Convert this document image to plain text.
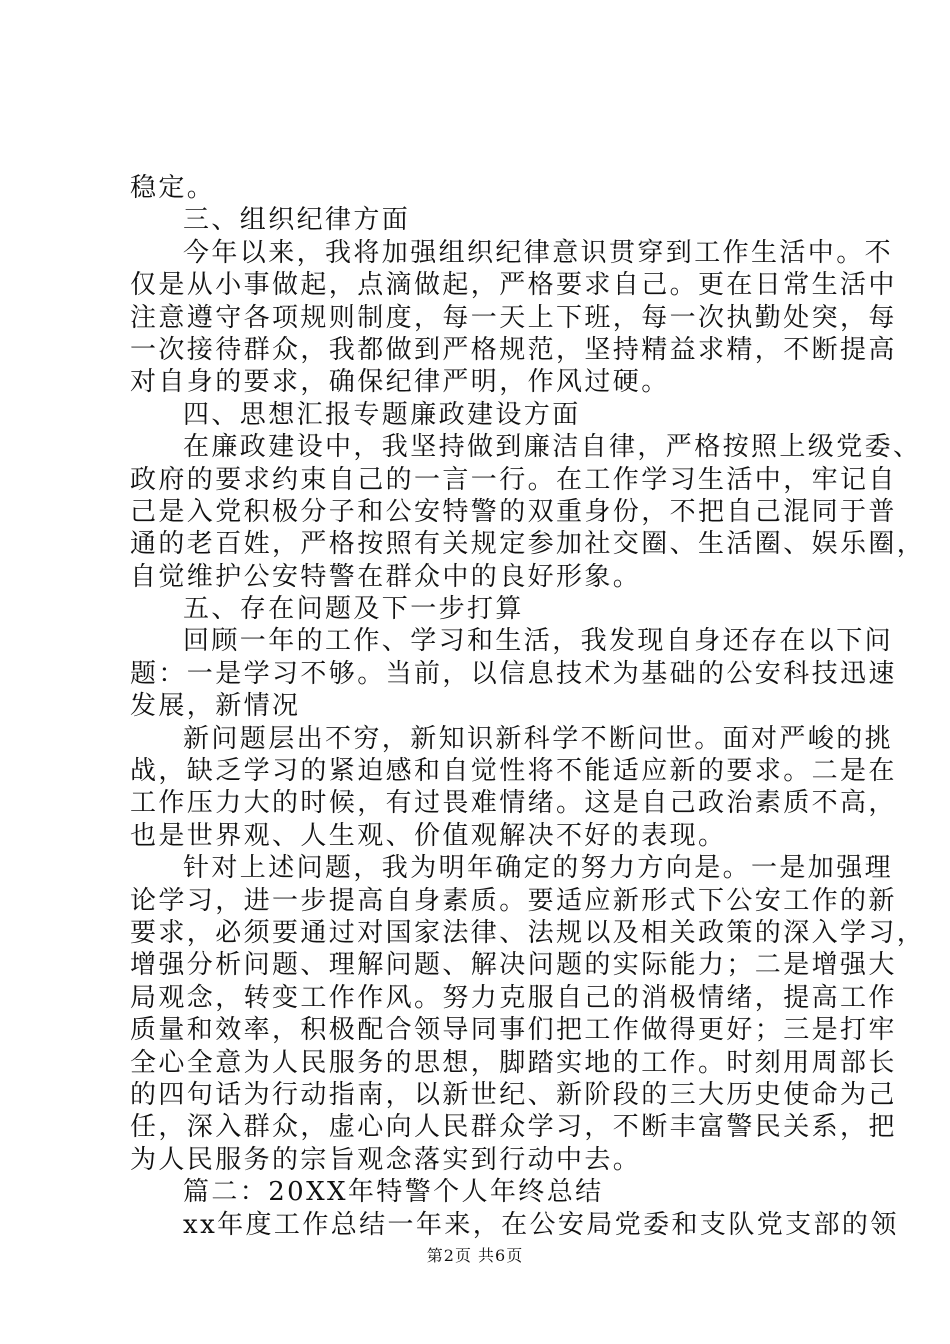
稳定。
三、组织纪律方面
今年以来，我将加强组织纪律意识贯穿到工作生活中。不
仅是从小事做起，点滴做起，严格要求自己。更在日常生活中
注意遵守各项规则制度，每一天上下班，每一次执勤处突，每
一次接待群众，我都做到严格规范，坚持精益求精，不断提高
对自身的要求，确保纪律严明，作风过硬。
四、思想汇报专题廉政建设方面
在廉政建设中，我坚持做到廉洁自律，严格按照上级党委、
政府的要求约束自己的一言一行。在工作学习生活中，牢记自
己是入党积极分子和公安特警的双重身份，不把自己混同于普
通的老百姓，严格按照有关规定参加社交圈、生活圈、娱乐圈，
自觉维护公安特警在群众中的良好形象。
五、存在问题及下一步打算
回顾一年的工作、学习和生活，我发现自身还存在以下问
题：一是学习不够。当前，以信息技术为基础的公安科技迅速
发展，新情况
新问题层出不穷，新知识新科学不断问世。面对严峻的挑
战，缺乏学习的紧迫感和自觉性将不能适应新的要求。二是在
工作压力大的时候，有过畏难情绪。这是自己政治素质不高，
也是世界观、人生观、价值观解决不好的表现。
针对上述问题，我为明年确定的努力方向是。一是加强理
论学习，进一步提高自身素质。要适应新形式下公安工作的新
要求，必须要通过对国家法律、法规以及相关政策的深入学习，
增强分析问题、理解问题、解决问题的实际能力；二是增强大
局观念，转变工作作风。努力克服自己的消极情绪，提高工作
质量和效率，积极配合领导同事们把工作做得更好；三是打牢
全心全意为人民服务的思想，脚踏实地的工作。时刻用周部长
的四句话为行动指南，以新世纪、新阶段的三大历史使命为己
任，深入群众，虚心向人民群众学习，不断丰富警民关系，把
为人民服务的宗旨观念落实到行动中去。
篇二：20XX年特警个人年终总结
xx年度工作总结一年来，在公安局党委和支队党支部的领
第2页 共6页
